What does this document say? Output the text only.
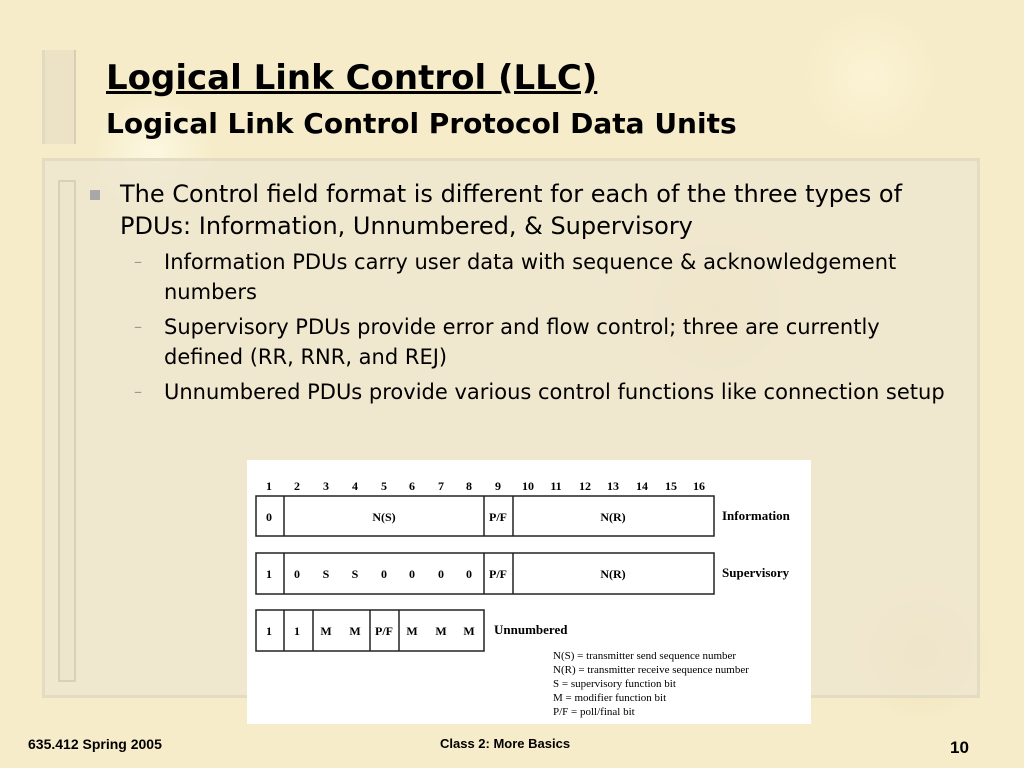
Logical Link Control (LLC)
Logical Link Control Protocol Data Units
The Control field format is different for each of the three types of PDUs: Information, Unnumbered, & Supervisory
– Information PDUs carry user data with sequence & acknowledgement numbers
– Supervisory PDUs provide error and flow control; three are currently defined (RR, RNR, and REJ)
– Unnumbered PDUs provide various control functions like connection setup
1 2 3 4 5 6 7 8 9 10 11 12 13 14 15 16
0	N(S)	P/F	N(R)	Information
1 0 S S 0 0 0 0 P/F	N(R)	Supervisory
1 1 M M P/F M M M Unnumbered
N(S) = transmitter send sequence number
N(R) = transmitter receive sequence number
S = supervisory function bit
M = modifier function bit
P/F = poll/final bit
635.412 Spring 2005	Class 2: More Basics	10
